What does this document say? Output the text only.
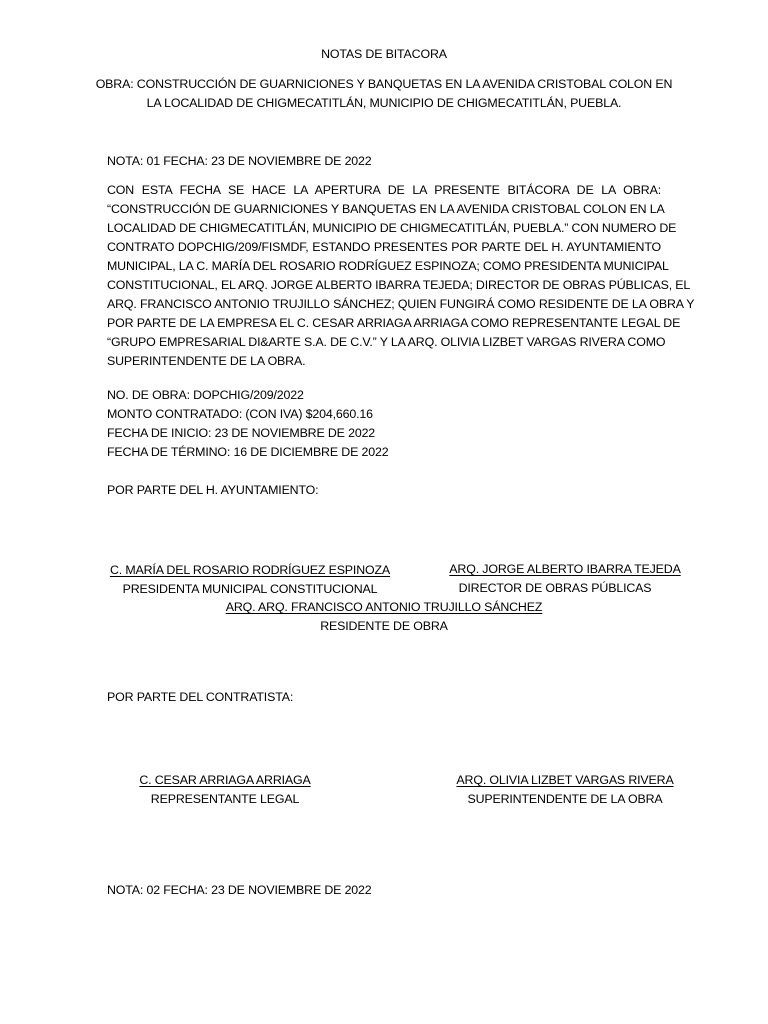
NOTAS DE BITACORA
OBRA: CONSTRUCCIÓN DE GUARNICIONES Y BANQUETAS EN LA AVENIDA CRISTOBAL COLON EN
LA LOCALIDAD DE CHIGMECATITLÁN, MUNICIPIO DE CHIGMECATITLÁN, PUEBLA.
NOTA: 01 FECHA: 23 DE NOVIEMBRE DE 2022
CON ESTA FECHA SE HACE LA APERTURA DE LA PRESENTE BITÁCORA DE LA OBRA:
“CONSTRUCCIÓN DE GUARNICIONES Y BANQUETAS EN LA AVENIDA CRISTOBAL COLON EN LA
LOCALIDAD DE CHIGMECATITLÁN, MUNICIPIO DE CHIGMECATITLÁN, PUEBLA.” CON NUMERO DE
CONTRATO DOPCHIG/209/FISMDF, ESTANDO PRESENTES POR PARTE DEL H. AYUNTAMIENTO
MUNICIPAL, LA C. MARÍA DEL ROSARIO RODRÍGUEZ ESPINOZA; COMO PRESIDENTA MUNICIPAL
CONSTITUCIONAL, EL ARQ. JORGE ALBERTO IBARRA TEJEDA; DIRECTOR DE OBRAS PÚBLICAS, EL
ARQ. FRANCISCO ANTONIO TRUJILLO SÁNCHEZ; QUIEN FUNGIRÁ COMO RESIDENTE DE LA OBRA Y
POR PARTE DE LA EMPRESA EL C. CESAR ARRIAGA ARRIAGA COMO REPRESENTANTE LEGAL DE
“GRUPO EMPRESARIAL DI&ARTE S.A. DE C.V.” Y LA ARQ. OLIVIA LIZBET VARGAS RIVERA COMO
SUPERINTENDENTE DE LA OBRA.
NO. DE OBRA: DOPCHIG/209/2022
MONTO CONTRATADO: (CON IVA) $204,660.16
FECHA DE INICIO: 23 DE NOVIEMBRE DE 2022
FECHA DE TÉRMINO: 16 DE DICIEMBRE DE 2022
POR PARTE DEL H. AYUNTAMIENTO:
C. MARÍA DEL ROSARIO RODRÍGUEZ ESPINOZA
PRESIDENTA MUNICIPAL CONSTITUCIONAL
ARQ. JORGE ALBERTO IBARRA TEJEDA
DIRECTOR DE OBRAS PÚBLICAS
ARQ. ARQ. FRANCISCO ANTONIO TRUJILLO SÁNCHEZ
RESIDENTE DE OBRA
POR PARTE DEL CONTRATISTA:
C. CESAR ARRIAGA ARRIAGA
REPRESENTANTE LEGAL
ARQ. OLIVIA LIZBET VARGAS RIVERA
SUPERINTENDENTE DE LA OBRA
NOTA: 02 FECHA: 23 DE NOVIEMBRE DE 2022
